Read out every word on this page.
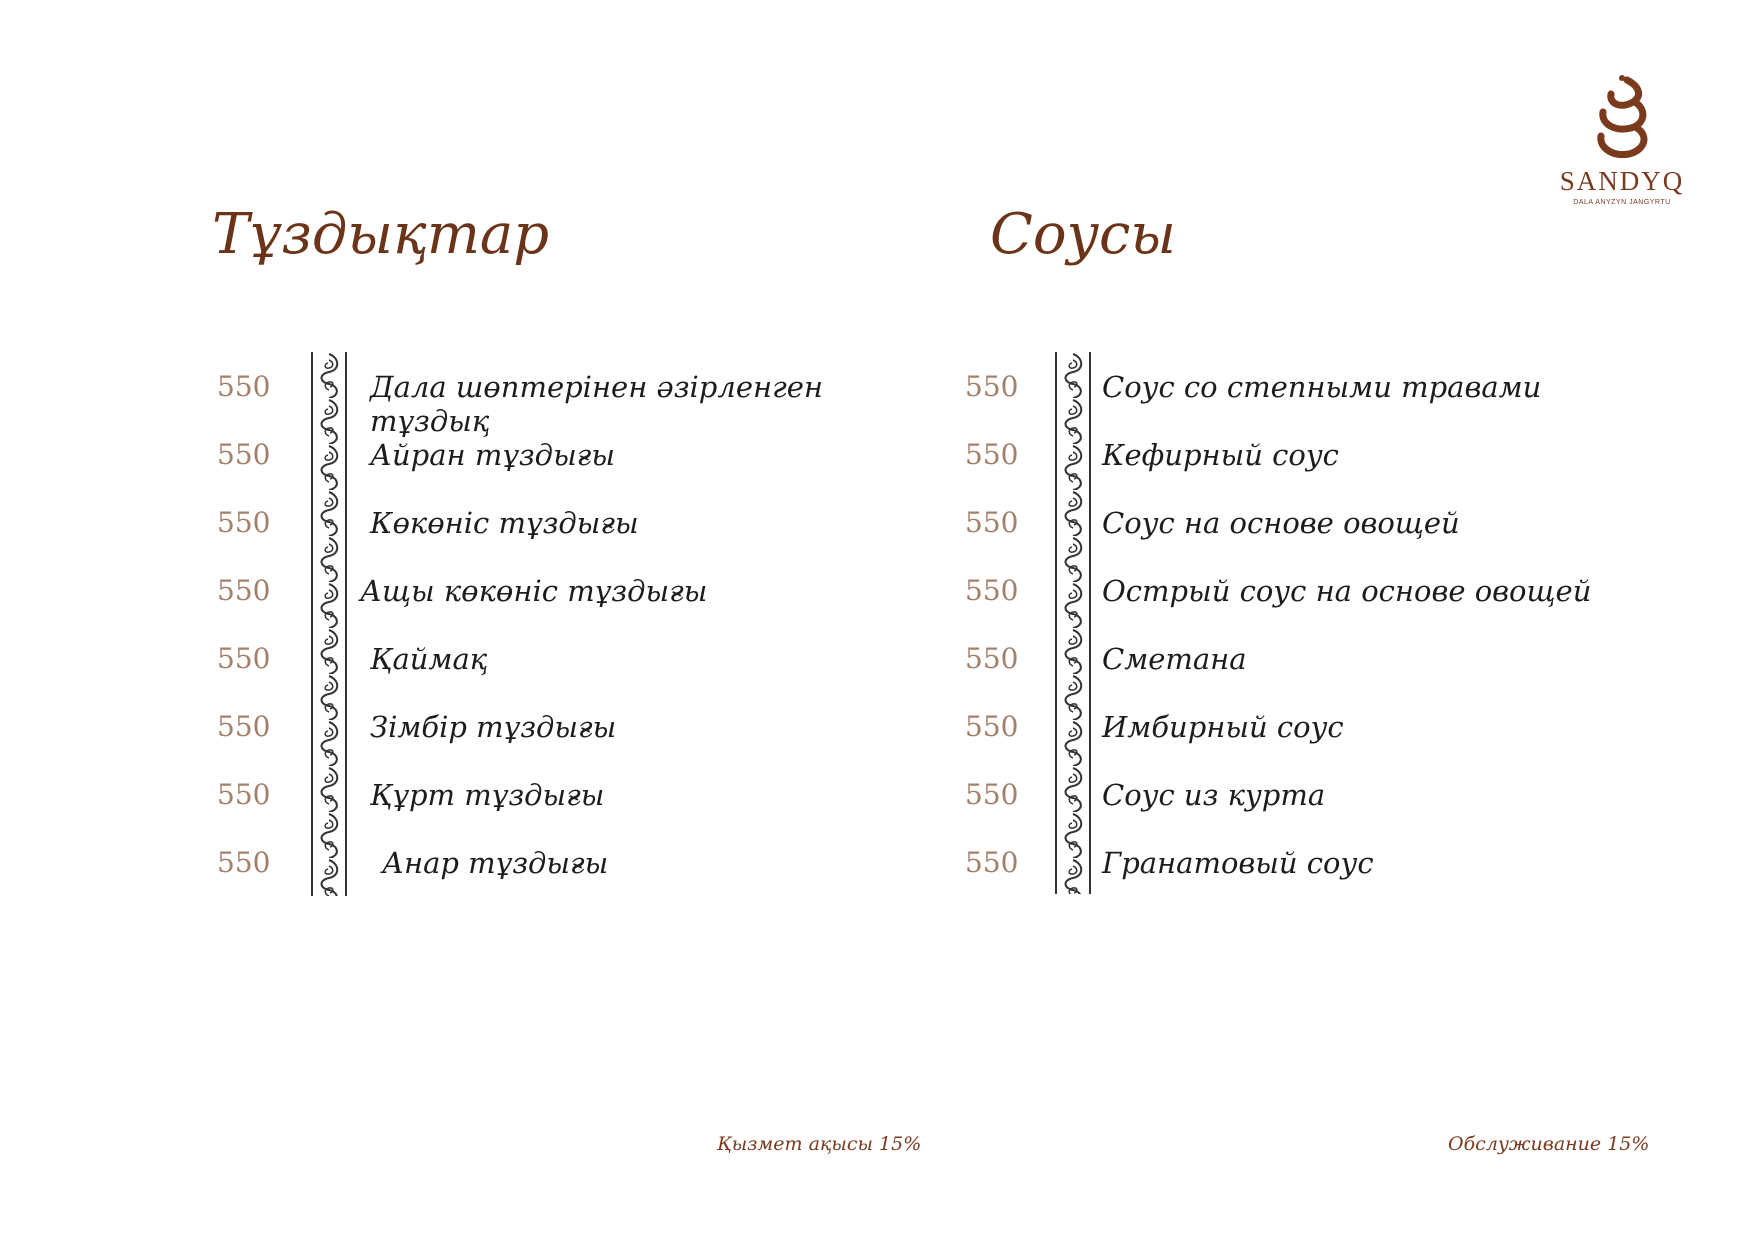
SANDYQ
DALA ANYZYN JANGYRTU
Тұздықтар
550	Дала шөптерінен әзірленген тұздық
550	Айран тұздығы
550	Көкөніс тұздығы
550	Ащы көкөніс тұздығы
550	Қаймақ
550	Зімбір тұздығы
550	Құрт тұздығы
550	Анар тұздығы
Соусы
550	Соус со степными травами
550	Кефирный соус
550	Соус на основе овощей
550	Острый соус на основе овощей
550	Сметана
550	Имбирный соус
550	Соус из курта
550	Гранатовый соус
Қызмет ақысы 15%	Обслуживание 15%
